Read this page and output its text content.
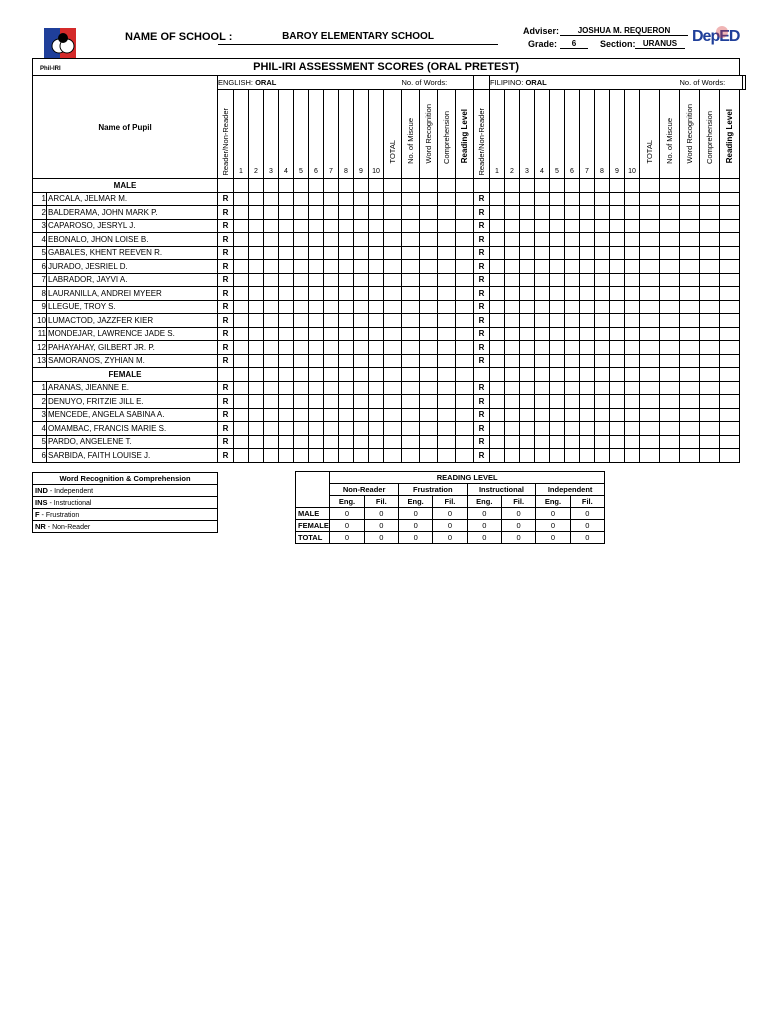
Phil-IRI
NAME OF SCHOOL :	BAROY ELEMENTARY SCHOOL	Adviser:	JOSHUA M. REQUERON
Grade:	6	Section: URANUS DepED
PHIL-IRI ASSESSMENT SCORES (ORAL PRETEST)																																		
Name of Pupil		ENGLISH: ORAL												No. of Words:					FILIPINO: ORAL												No. of Words:			
		Reader/Non-Reader											TOTAL	No. of Miscue	Word Recognition	Comprehension	Reading Level	Reader/Non-Reader											TOTAL	No. of Miscue	Word Recognition	Comprehension	Reading Level	
			1	2	3	4	5	6	7	8	9	10							1	2	3	4	5	6	7	8	9	10						
MALE																																		
1	ARCALA, JELMAR M.	R																R																
2	BALDERAMA, JOHN MARK P.	R																R																
3	CAPAROSO, JESRYL J.	R																R																
4	EBONALO, JHON LOISE B.	R																R																
5	GABALES, KHENT REEVEN R.	R																R																
6	JURADO, JESRIEL D.	R																R																
7	LABRADOR, JAYVI A.	R																R																
8	LAURANILLA, ANDREI MYEER	R																R																
9	LLEGUE, TROY S.	R																R																
10	LUMACTOD, JAZZFER KIER	R																R																
11	MONDEJAR, LAWRENCE JADE S.	R																R																
12	PAHAYAHAY, GILBERT JR. P.	R																R																
13	SAMORANOS, ZYHIAN M.	R																R																
FEMALE																																		
1	ARANAS, JIEANNE E.	R																R																
2	DENUYO, FRITZIE JILL E.	R																R																
3	MENCEDE, ANGELA SABINA A.	R																R																
4	OMAMBAC, FRANCIS MARIE S.	R																R																
5	PARDO, ANGELENE T.	R																R																
6	SARBIDA, FAITH LOUISE J.	R																R																
Word Recognition & Comprehension
IND - Independent
INS - Instructional
F - Frustration
NR - Non-Reader
	READING LEVEL							
	Non-Reader		Frustration		Instructional		Independent	
	Eng.	Fil.	Eng.	Fil.	Eng.	Fil.	Eng.	Fil.
MALE	0	0	0	0	0	0	0	0
FEMALE	0	0	0	0	0	0	0	0
TOTAL	0	0	0	0	0	0	0	0
